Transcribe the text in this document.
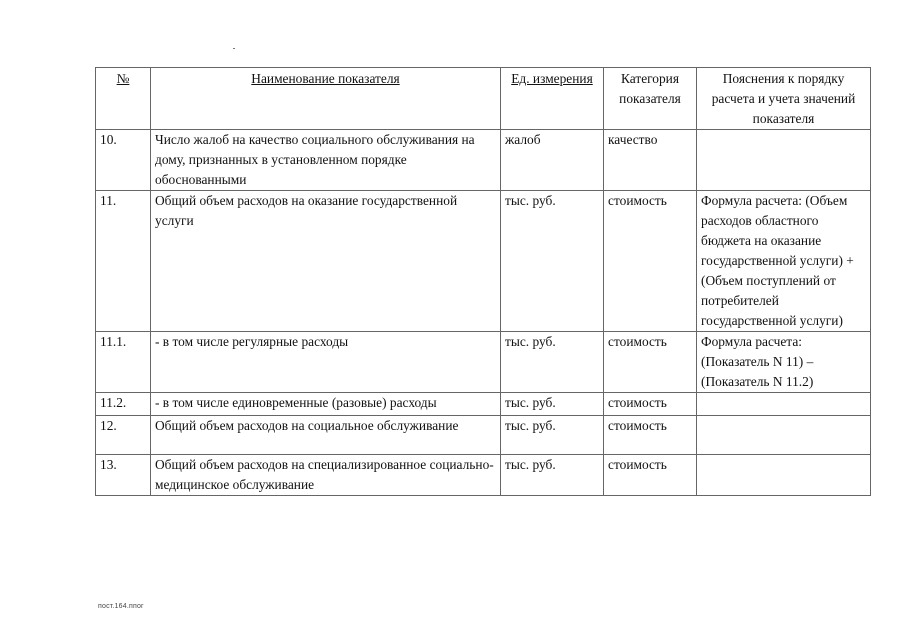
№	Наименование показателя	Ед. измерения	Категория показателя	Пояснения к порядку расчета и учета значений показателя
10.	Число жалоб на качество социального обслуживания на дому, признанных в установленном порядке обоснованными	жалоб	качество	
11.	Общий объем расходов на оказание государственной услуги	тыс. руб.	стоимость	Формула расчета: (Объем расходов областного бюджета на оказание государственной услуги) + (Объем поступлений от потребителей государственной услуги)
11.1.	- в том числе регулярные расходы	тыс. руб.	стоимость	Формула расчета: (Показатель N 11) – (Показатель N 11.2)
11.2.	- в том числе единовременные (разовые) расходы	тыс. руб.	стоимость	
12.	Общий объем расходов на социальное обслуживание	тыс. руб.	стоимость	
13.	Общий объем расходов на специализированное социально-медицинское обслуживание	тыс. руб.	стоимость	
пост.164.ппог
